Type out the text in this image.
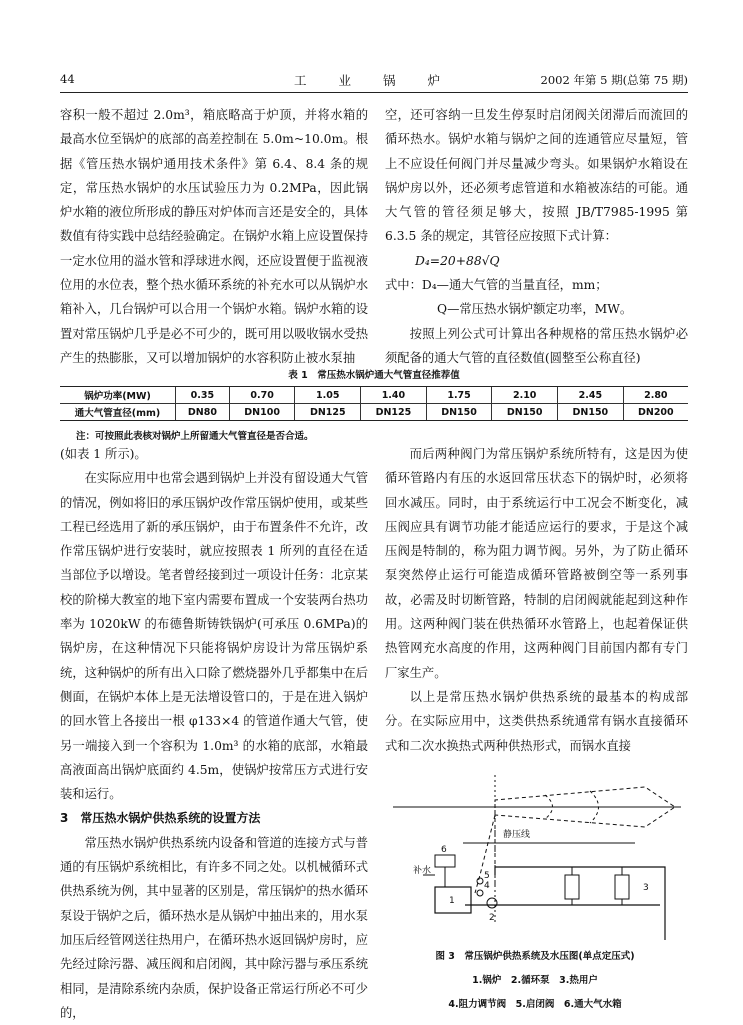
44	工 业 锅 炉	2002 年第 5 期(总第 75 期)

容积一般不超过 2.0m³，箱底略高于炉顶，并将水箱的最高水位至锅炉的底部的高差控制在 5.0m~10.0m。根据《管压热水锅炉通用技术条件》第 6.4、8.4 条的规定，常压热水锅炉的水压试验压力为 0.2MPa，因此锅炉水箱的液位所形成的静压对炉体而言还是安全的，具体数值有待实践中总结经验确定。在锅炉水箱上应设置保持一定水位用的溢水管和浮球进水阀，还应设置便于监视液位用的水位表，整个热水循环系统的补充水可以从锅炉水箱补入，几台锅炉可以合用一个锅炉水箱。锅炉水箱的设置对常压锅炉几乎是必不可少的，既可用以吸收锅水受热产生的热膨胀，又可以增加锅炉的水容积防止被水泵抽

空，还可容纳一旦发生停泵时启闭阀关闭滞后而流回的循环热水。锅炉水箱与锅炉之间的连通管应尽量短，管上不应设任何阀门并尽量减少弯头。如果锅炉水箱设在锅炉房以外，还必须考虑管道和水箱被冻结的可能。通大气管的管径须足够大，按照 JB/T7985-1995 第 6.3.5 条的规定，其管径应按照下式计算：

D₄=20+88√Q

式中：D₄—通大气管的当量直径，mm；

Q—常压热水锅炉额定功率，MW。

按照上列公式可计算出各种规格的常压热水锅炉必须配备的通大气管的直径数值(圆整至公称直径)

表 1　常压热水锅炉通大气管直径推荐值
锅炉功率(MW)	0.35	0.70	1.05	1.40	1.75	2.10	2.45	2.80
通大气管直径(mm)	DN80	DN100	DN125	DN125	DN150	DN150	DN150	DN200
注：可按照此表核对锅炉上所留通大气管直径是否合适。

(如表 1 所示)。

在实际应用中也常会遇到锅炉上并没有留设通大气管的情况，例如将旧的承压锅炉改作常压锅炉使用，或某些工程已经选用了新的承压锅炉，由于布置条件不允许，改作常压锅炉进行安装时，就应按照表 1 所列的直径在适当部位予以增设。笔者曾经接到过一项设计任务：北京某校的阶梯大教室的地下室内需要布置成一个安装两台热功率为 1020kW 的布德鲁斯铸铁锅炉(可承压 0.6MPa)的锅炉房，在这种情况下只能将锅炉房设计为常压锅炉系统，这种锅炉的所有出入口除了燃烧器外几乎都集中在后侧面，在锅炉本体上是无法增设管口的，于是在进入锅炉的回水管上各接出一根 φ133×4 的管道作通大气管，使另一端接入到一个容积为 1.0m³ 的水箱的底部，水箱最高液面高出锅炉底面约 4.5m，使锅炉按常压方式进行安装和运行。

3　常压热水锅炉供热系统的设置方法

常压热水锅炉供热系统内设备和管道的连接方式与普通的有压锅炉系统相比，有许多不同之处。以机械循环式供热系统为例，其中显著的区别是，常压锅炉的热水循环泵设于锅炉之后，循环热水是从锅炉中抽出来的，用水泵加压后经管网送往热用户，在循环热水返回锅炉房时，应先经过除污器、减压阀和启闭阀，其中除污器与承压系统相同，是清除系统内杂质，保护设备正常运行所必不可少的，

而后两种阀门为常压锅炉系统所特有，这是因为使循环管路内有压的水返回常压状态下的锅炉时，必须将回水减压。同时，由于系统运行中工况会不断变化，减压阀应具有调节功能才能适应运行的要求，于是这个减压阀是特制的，称为阻力调节阀。另外，为了防止循环泵突然停止运行可能造成循环管路被倒空等一系列事故，必需及时切断管路，特制的启闭阀就能起到这种作用。这两种阀门装在供热循环水管路上，也起着保证供热管网充水高度的作用，这两种阀门目前国内都有专门厂家生产。

以上是常压热水锅炉供热系统的最基本的构成部分。在实际应用中，这类供热系统通常有锅水直接循环式和二次水换热式两种供热形式，而锅水直接

静压线
补水
1
2
3
4
5
6
图 3　常压锅炉供热系统及水压图(单点定压式)
1.锅炉　2.循环泵　3.热用户
4.阻力调节阀　5.启闭阀　6.通大气水箱
